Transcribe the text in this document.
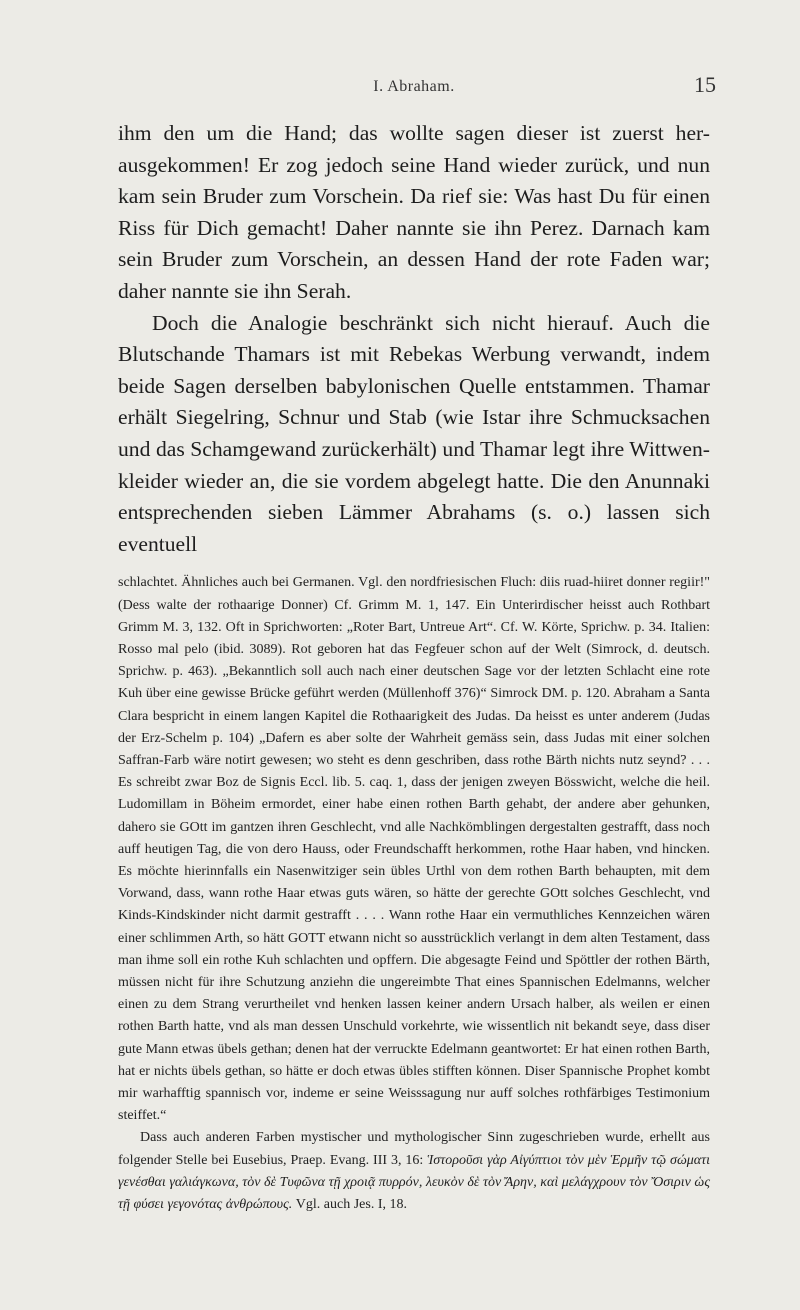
I. Abraham.	15

ihm den um die Hand; das wollte sagen dieser ist zuerst her-ausgekommen! Er zog jedoch seine Hand wieder zurück, und nun kam sein Bruder zum Vorschein. Da rief sie: Was hast Du für einen Riss für Dich gemacht! Daher nannte sie ihn Perez. Darnach kam sein Bruder zum Vorschein, an dessen Hand der rote Faden war; daher nannte sie ihn Serah.

Doch die Analogie beschränkt sich nicht hierauf. Auch die Blutschande Thamars ist mit Rebekas Werbung verwandt, indem beide Sagen derselben babylonischen Quelle entstammen. Thamar erhält Siegelring, Schnur und Stab (wie Istar ihre Schmucksachen und das Schamgewand zurückerhält) und Thamar legt ihre Wittwen-kleider wieder an, die sie vordem abgelegt hatte. Die den Anunnaki entsprechenden sieben Lämmer Abrahams (s. o.) lassen sich eventuell

schlachtet. Ähnliches auch bei Germanen. Vgl. den nordfriesischen Fluch: diis ruad-hiiret donner regiir!" (Dess walte der rothaarige Donner) Cf. Grimm M. 1, 147. Ein Unterirdischer heisst auch Rothbart Grimm M. 3, 132. Oft in Sprichworten: „Roter Bart, Untreue Art“. Cf. W. Körte, Sprichw. p. 34. Italien: Rosso mal pelo (ibid. 3089). Rot geboren hat das Fegfeuer schon auf der Welt (Simrock, d. deutsch. Sprichw. p. 463). „Bekanntlich soll auch nach einer deutschen Sage vor der letzten Schlacht eine rote Kuh über eine gewisse Brücke geführt werden (Müllenhoff 376)“ Simrock DM. p. 120. Abraham a Santa Clara bespricht in einem langen Kapitel die Rothaarigkeit des Judas. Da heisst es unter anderem (Judas der Erz-Schelm p. 104) „Dafern es aber solte der Wahrheit gemäss sein, dass Judas mit einer solchen Saffran-Farb wäre notirt gewesen; wo steht es denn geschriben, dass rothe Bärth nichts nutz seynd? . . . Es schreibt zwar Boz de Signis Eccl. lib. 5. caq. 1, dass der jenigen zweyen Bösswicht, welche die heil. Ludomillam in Böheim ermordet, einer habe einen rothen Barth gehabt, der andere aber gehunken, dahero sie GOtt im gantzen ihren Geschlecht, vnd alle Nachkömblingen dergestalten gestrafft, dass noch auff heutigen Tag, die von dero Hauss, oder Freundschafft herkommen, rothe Haar haben, vnd hincken. Es möchte hierinnfalls ein Nasenwitziger sein übles Urthl von dem rothen Barth behaupten, mit dem Vorwand, dass, wann rothe Haar etwas guts wären, so hätte der gerechte GOtt solches Geschlecht, vnd Kinds-Kindskinder nicht darmit gestrafft . . . . Wann rothe Haar ein vermuthliches Kennzeichen wären einer schlimmen Arth, so hätt GOTT etwann nicht so ausstrücklich verlangt in dem alten Testament, dass man ihme soll ein rothe Kuh schlachten und opffern. Die abgesagte Feind und Spöttler der rothen Bärth, müssen nicht für ihre Schutzung anziehn die ungereimbte That eines Spannischen Edelmanns, welcher einen zu dem Strang verurtheilet vnd henken lassen keiner andern Ursach halber, als weilen er einen rothen Barth hatte, vnd als man dessen Unschuld vorkehrte, wie wissentlich nit bekandt seye, dass diser gute Mann etwas übels gethan; denen hat der verruckte Edelmann geantwortet: Er hat einen rothen Barth, hat er nichts übels gethan, so hätte er doch etwas übles stifften können. Diser Spannische Prophet kombt mir warhafftig spannisch vor, indeme er seine Weisssagung nur auff solches rothfärbiges Testimonium steiffet.“

Dass auch anderen Farben mystischer und mythologischer Sinn zugeschrieben wurde, erhellt aus folgender Stelle bei Eusebius, Praep. Evang. III 3, 16: Ἱστοροῦσι γὰρ Αἰγύπτιοι τὸν μὲν Ἑρμῆν τῷ σώματι γενέσθαι γαλιάγκωνα, τὸν δὲ Τυφῶνα τῇ χροιᾷ πυρρόν, λευκὸν δὲ τὸν Ἄρην, καὶ μελάγχρουν τὸν Ὄσιριν ὡς τῇ φύσει γεγονότας ἀνθρώπους. Vgl. auch Jes. I, 18.
